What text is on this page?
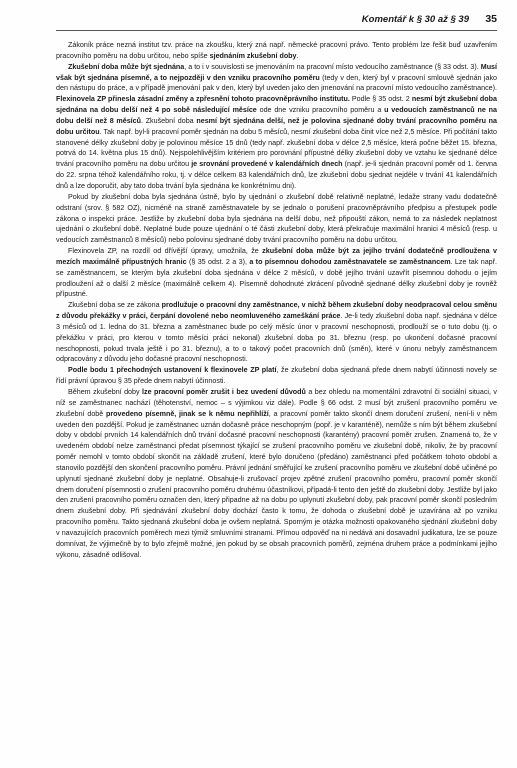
Komentář k § 30 až § 39 35

Zákoník práce nezná institut tzv. práce na zkoušku, který zná např. německé pracovní právo. Tento problém lze řešit buď uzavřením pracovního poměru na dobu určitou, nebo spíše sjednáním zkušební doby.

Zkušební doba může být sjednána, a to i v souvislosti se jmenováním na pracovní místo vedoucího zaměstnance (§ 33 odst. 3). Musí však být sjednána písemně, a to nejpozději v den vzniku pracovního poměru (tedy v den, který byl v pracovní smlouvě sjednán jako den nástupu do práce, a v případě jmenování pak v den, který byl uveden jako den jmenování na pracovní místo vedoucího zaměstnance). Flexinovela ZP přinesla zásadní změny a zpřesnění tohoto pracovněprávního institutu. Podle § 35 odst. 2 nesmí být zkušební doba sjednána na dobu delší než 4 po sobě následující měsíce ode dne vzniku pracovního poměru a u vedoucích zaměstnanců ne na dobu delší než 8 měsíců. Zkušební doba nesmí být sjednána delší, než je polovina sjednané doby trvání pracovního poměru na dobu určitou. Tak např. byl-li pracovní poměr sjednán na dobu 5 měsíců, nesmí zkušební doba činit více než 2,5 měsíce. Při počítání takto stanovené délky zkušební doby je polovinou měsíce 15 dnů (tedy např. zkušební doba v délce 2,5 měsíce, která počne běžet 15. března, potrvá do 14. května plus 15 dnů). Nejspolehlivějším kritériem pro porovnání přípustné délky zkušební doby ve vztahu ke sjednané délce trvání pracovního poměru na dobu určitou je srovnání provedené v kalendářních dnech (např. je-li sjednán pracovní poměr od 1. června do 22. srpna téhož kalendářního roku, tj. v délce celkem 83 kalendářních dnů, lze zkušební dobu sjednat nejdéle v trvání 41 kalendářních dnů a lze doporučit, aby tato doba trvání byla sjednána ke konkrétnímu dni).

Pokud by zkušební doba byla sjednána ústně, bylo by ujednání o zkušební době relativně neplatné, ledaže strany vadu dodatečně odstraní (srov. § 582 OZ), nicméně na straně zaměstnavatele by se jednalo o porušení pracovněprávního předpisu a přestupek podle zákona o inspekci práce. Jestliže by zkušební doba byla sjednána na delší dobu, než připouští zákon, nemá to za následek neplatnost ujednání o zkušební době. Neplatné bude pouze ujednání o té části zkušební doby, která překračuje maximální hranici 4 měsíců (resp. u vedoucích zaměstnanců 8 měsíců) nebo polovinu sjednané doby trvání pracovního poměru na dobu určitou.

Flexinovela ZP, na rozdíl od dřívější úpravy, umožnila, že zkušební doba může být za jejího trvání dodatečně prodloužena v mezích maximálně přípustných hranic (§ 35 odst. 2 a 3), a to písemnou dohodou zaměstnavatele se zaměstnancem. Lze tak např. se zaměstnancem, se kterým byla zkušební doba sjednána v délce 2 měsíců, v době jejího trvání uzavřít písemnou dohodu o jejím prodloužení až o další 2 měsíce (maximálně celkem 4). Písemně dohodnuté zkrácení původně sjednané délky zkušební doby je rovněž přípustné.

Zkušební doba se ze zákona prodlužuje o pracovní dny zaměstnance, v nichž během zkušební doby neodpracoval celou směnu z důvodu překážky v práci, čerpání dovolené nebo neomluveného zameškání práce. Je-li tedy zkušební doba např. sjednána v délce 3 měsíců od 1. ledna do 31. března a zaměstnanec bude po celý měsíc únor v pracovní neschopnosti, prodlouží se o tuto dobu (tj. o překážku v práci, pro kterou v tomto měsíci práci nekonal) zkušební doba po 31. březnu (resp. po ukončení dočasné pracovní neschopnosti, pokud trvala ještě i po 31. březnu), a to o takový počet pracovních dnů (směn), které v únoru nebyly zaměstnancem odpracovány z důvodu jeho dočasné pracovní neschopnosti.

Podle bodu 1 přechodných ustanovení k flexinovele ZP platí, že zkušební doba sjednaná přede dnem nabytí účinnosti novely se řídí právní úpravou § 35 přede dnem nabytí účinnosti.

Během zkušební doby lze pracovní poměr zrušit i bez uvedení důvodů a bez ohledu na momentální zdravotní či sociální situaci, v níž se zaměstnanec nachází (těhotenství, nemoc – s výjimkou viz dále). Podle § 66 odst. 2 musí být zrušení pracovního poměru ve zkušební době provedeno písemně, jinak se k němu nepřihlíží, a pracovní poměr takto skončí dnem doručení zrušení, není-li v něm uveden den pozdější. Pokud je zaměstnanec uznán dočasně práce neschopným (popř. je v karanténě), nemůže s ním být během zkušební doby v období prvních 14 kalendářních dnů trvání dočasné pracovní neschopnosti (karantény) pracovní poměr zrušen. Znamená to, že v uvedeném období nelze zaměstnanci předat písemnost týkající se zrušení pracovního poměru ve zkušební době, nikoliv, že by pracovní poměr nemohl v tomto období skončit na základě zrušení, které bylo doručeno (předáno) zaměstnanci před počátkem tohoto období a stanovilo pozdější den skončení pracovního poměru. Právní jednání směřující ke zrušení pracovního poměru ve zkušební době učiněné po uplynutí sjednané zkušební doby je neplatné. Obsahuje-li zrušovací projev zpětné zrušení pracovního poměru, pracovní poměr skončí dnem doručení písemnosti o zrušení pracovního poměru druhému účastníkovi, případá-li tento den ještě do zkušební doby. Jestliže byl jako den zrušení pracovního poměru označen den, který připadne až na dobu po uplynutí zkušební doby, pak pracovní poměr skončí posledním dnem zkušební doby. Při sjednávání zkušební doby dochází často k tomu, že dohoda o zkušební době je uzavírána až po vzniku pracovního poměru. Takto sjednaná zkušební doba je ovšem neplatná. Sporným je otázka možnosti opakovaného sjednání zkušební doby v navazujících pracovních poměrech mezi týmiž smluvními stranami. Přímou odpověď na ni nedává ani dosavadní judikatura, lze se pouze domnívat, že výjimečně by to bylo zřejmě možné, jen pokud by se obsah pracovních poměrů, zejména druhem práce a podmínkami jejího výkonu, zásadně odlišoval.
